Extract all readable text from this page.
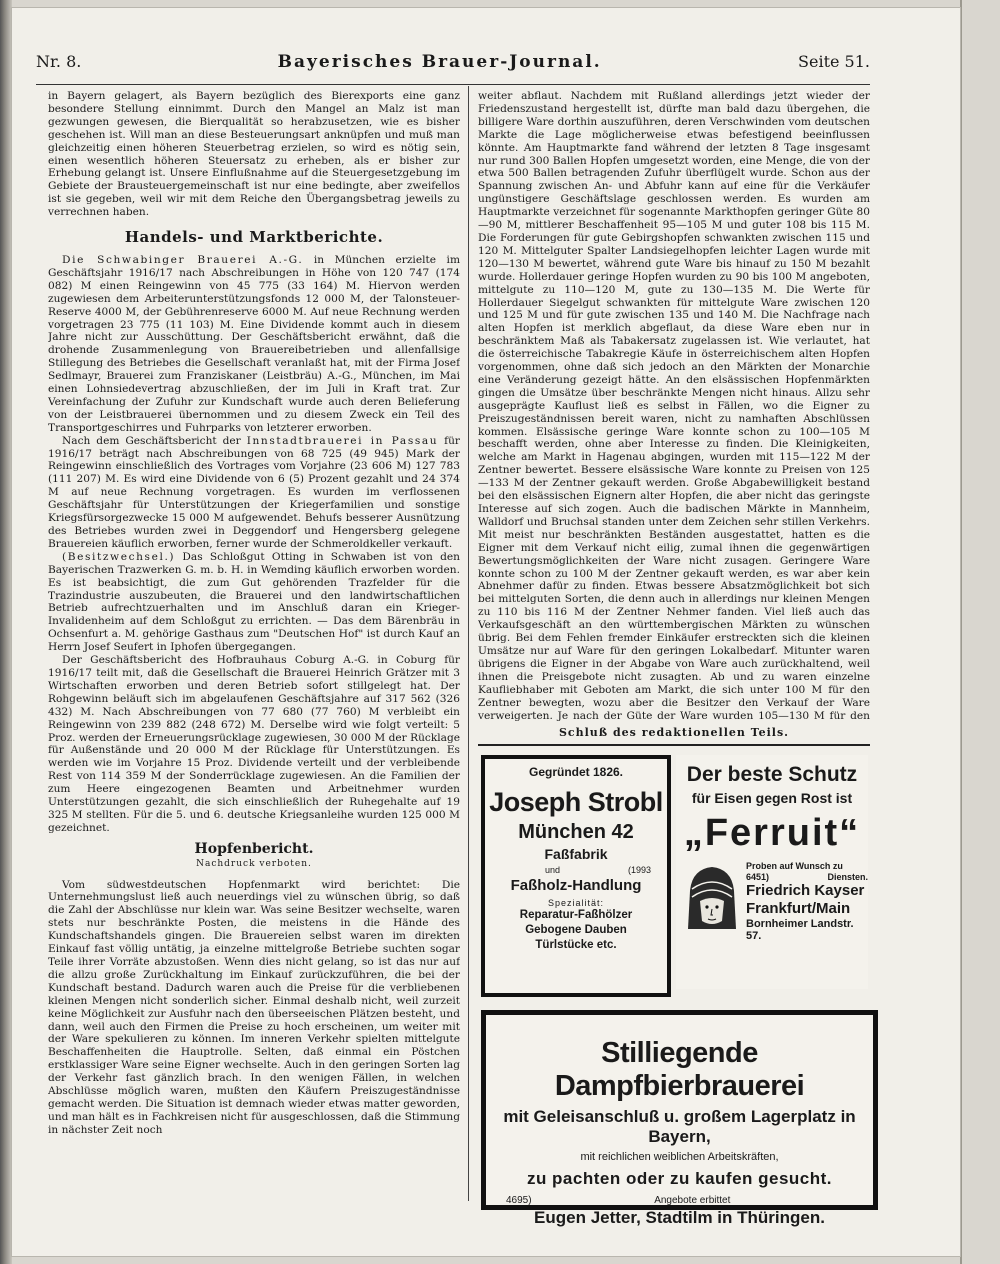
Nr. 8.	Bayerisches Brauer-Journal.	Seite 51.

in Bayern gelagert, als Bayern bezüglich des Bierexports eine ganz besondere Stellung einnimmt. Durch den Mangel an Malz ist man gezwungen gewesen, die Bierqualität so herabzusetzen, wie es bisher geschehen ist. Will man an diese Besteuerungsart anknüpfen und muß man gleichzeitig einen höheren Steuerbetrag erzielen, so wird es nötig sein, einen wesentlich höheren Steuersatz zu erheben, als er bisher zur Erhebung gelangt ist. Unsere Einflußnahme auf die Steuergesetzgebung im Gebiete der Brausteuergemeinschaft ist nur eine bedingte, aber zweifellos ist sie gegeben, weil wir mit dem Reiche den Übergangsbetrag jeweils zu verrechnen haben.

Handels- und Marktberichte.

Die Schwabinger Brauerei A.-G. in München erzielte im Geschäftsjahr 1916/17 nach Abschreibungen in Höhe von 120 747 (174 082) M einen Reingewinn von 45 775 (33 164) M. Hiervon werden zugewiesen dem Arbeiterunterstützungsfonds 12 000 M, der Talonsteuer-Reserve 4000 M, der Gebührenreserve 6000 M. Auf neue Rechnung werden vorgetragen 23 775 (11 103) M. Eine Dividende kommt auch in diesem Jahre nicht zur Ausschüttung. Der Geschäftsbericht erwähnt, daß die drohende Zusammenlegung von Brauereibetrieben und allenfallsige Stillegung des Betriebes die Gesellschaft veranlaßt hat, mit der Firma Josef Sedlmayr, Brauerei zum Franziskaner (Leistbräu) A.-G., München, im Mai einen Lohnsiedevertrag abzuschließen, der im Juli in Kraft trat. Zur Vereinfachung der Zufuhr zur Kundschaft wurde auch deren Belieferung von der Leistbrauerei übernommen und zu diesem Zweck ein Teil des Transportgeschirres und Fuhrparks von letzterer erworben.

Nach dem Geschäftsbericht der Innstadtbrauerei in Passau für 1916/17 beträgt nach Abschreibungen von 68 725 (49 945) Mark der Reingewinn einschließlich des Vortrages vom Vorjahre (23 606 M) 127 783 (111 207) M. Es wird eine Dividende von 6 (5) Prozent gezahlt und 24 374 M auf neue Rechnung vorgetragen. Es wurden im verflossenen Geschäftsjahr für Unterstützungen der Kriegerfamilien und sonstige Kriegsfürsorgezwecke 15 000 M aufgewendet. Behufs besserer Ausnützung des Betriebes wurden zwei in Deggendorf und Hengersberg gelegene Brauereien käuflich erworben, ferner wurde der Schmeroldkeller verkauft.

(Besitzwechsel.) Das Schloßgut Otting in Schwaben ist von den Bayerischen Trazwerken G. m. b. H. in Wemding käuflich erworben worden. Es ist beabsichtigt, die zum Gut gehörenden Trazfelder für die Trazindustrie auszubeuten, die Brauerei und den landwirtschaftlichen Betrieb aufrechtzuerhalten und im Anschluß daran ein Krieger-Invalidenheim auf dem Schloßgut zu errichten. — Das dem Bärenbräu in Ochsenfurt a. M. gehörige Gasthaus zum "Deutschen Hof" ist durch Kauf an Herrn Josef Seufert in Iphofen übergegangen.

Der Geschäftsbericht des Hofbrauhaus Coburg A.-G. in Coburg für 1916/17 teilt mit, daß die Gesellschaft die Brauerei Heinrich Grätzer mit 3 Wirtschaften erworben und deren Betrieb sofort stillgelegt hat. Der Rohgewinn beläuft sich im abgelaufenen Geschäftsjahre auf 317 562 (326 432) M. Nach Abschreibungen von 77 680 (77 760) M verbleibt ein Reingewinn von 239 882 (248 672) M. Derselbe wird wie folgt verteilt: 5 Proz. werden der Erneuerungsrücklage zugewiesen, 30 000 M der Rücklage für Außenstände und 20 000 M der Rücklage für Unterstützungen. Es werden wie im Vorjahre 15 Proz. Dividende verteilt und der verbleibende Rest von 114 359 M der Sonderrücklage zugewiesen. An die Familien der zum Heere eingezogenen Beamten und Arbeitnehmer wurden Unterstützungen gezahlt, die sich einschließlich der Ruhegehalte auf 19 325 M stellten. Für die 5. und 6. deutsche Kriegsanleihe wurden 125 000 M gezeichnet.

Hopfenbericht.
Nachdruck verboten.

Vom südwestdeutschen Hopfenmarkt wird berichtet: Die Unternehmungslust ließ auch neuerdings viel zu wünschen übrig, so daß die Zahl der Abschlüsse nur klein war. Was seine Besitzer wechselte, waren stets nur beschränkte Posten, die meistens in die Hände des Kundschaftshandels gingen. Die Brauereien selbst waren im direkten Einkauf fast völlig untätig, ja einzelne mittelgroße Betriebe suchten sogar Teile ihrer Vorräte abzustoßen. Wenn dies nicht gelang, so ist das nur auf die allzu große Zurückhaltung im Einkauf zurückzuführen, die bei der Kundschaft bestand. Dadurch waren auch die Preise für die verbliebenen kleinen Mengen nicht sonderlich sicher. Einmal deshalb nicht, weil zurzeit keine Möglichkeit zur Ausfuhr nach den überseeischen Plätzen besteht, und dann, weil auch den Firmen die Preise zu hoch erscheinen, um weiter mit der Ware spekulieren zu können. Im inneren Verkehr spielten mittelgute Beschaffenheiten die Hauptrolle. Selten, daß einmal ein Pöstchen erstklassiger Ware seine Eigner wechselte. Auch in den geringen Sorten lag der Verkehr fast gänzlich brach. In den wenigen Fällen, in welchen Abschlüsse möglich waren, mußten den Käufern Preiszugeständnisse gemacht werden. Die Situation ist demnach wieder etwas matter geworden, und man hält es in Fachkreisen nicht für ausgeschlossen, daß die Stimmung in nächster Zeit noch

weiter abflaut. Nachdem mit Rußland allerdings jetzt wieder der Friedenszustand hergestellt ist, dürfte man bald dazu übergehen, die billigere Ware dorthin auszuführen, deren Verschwinden vom deutschen Markte die Lage möglicherweise etwas befestigend beeinflussen könnte. Am Hauptmarkte fand während der letzten 8 Tage insgesamt nur rund 300 Ballen Hopfen umgesetzt worden, eine Menge, die von der etwa 500 Ballen betragenden Zufuhr überflügelt wurde. Schon aus der Spannung zwischen An- und Abfuhr kann auf eine für die Verkäufer ungünstigere Geschäftslage geschlossen werden. Es wurden am Hauptmarkte verzeichnet für sogenannte Markthopfen geringer Güte 80—90 M, mittlerer Beschaffenheit 95—105 M und guter 108 bis 115 M. Die Forderungen für gute Gebirgshopfen schwankten zwischen 115 und 120 M. Mittelguter Spalter Landsiegelhopfen leichter Lagen wurde mit 120—130 M bewertet, während gute Ware bis hinauf zu 150 M bezahlt wurde. Hollerdauer geringe Hopfen wurden zu 90 bis 100 M angeboten, mittelgute zu 110—120 M, gute zu 130—135 M. Die Werte für Hollerdauer Siegelgut schwankten für mittelgute Ware zwischen 120 und 125 M und für gute zwischen 135 und 140 M. Die Nachfrage nach alten Hopfen ist merklich abgeflaut, da diese Ware eben nur in beschränktem Maß als Tabakersatz zugelassen ist. Wie verlautet, hat die österreichische Tabakregie Käufe in österreichischem alten Hopfen vorgenommen, ohne daß sich jedoch an den Märkten der Monarchie eine Veränderung gezeigt hätte. An den elsässischen Hopfenmärkten gingen die Umsätze über beschränkte Mengen nicht hinaus. Allzu sehr ausgeprägte Kauflust ließ es selbst in Fällen, wo die Eigner zu Preiszugeständnissen bereit waren, nicht zu namhaften Abschlüssen kommen. Elsässische geringe Ware konnte schon zu 100—105 M beschafft werden, ohne aber Interesse zu finden. Die Kleinigkeiten, welche am Markt in Hagenau abgingen, wurden mit 115—122 M der Zentner bewertet. Bessere elsässische Ware konnte zu Preisen von 125—133 M der Zentner gekauft werden. Große Abgabewilligkeit bestand bei den elsässischen Eignern alter Hopfen, die aber nicht das geringste Interesse auf sich zogen. Auch die badischen Märkte in Mannheim, Walldorf und Bruchsal standen unter dem Zeichen sehr stillen Verkehrs. Mit meist nur beschränkten Beständen ausgestattet, hatten es die Eigner mit dem Verkauf nicht eilig, zumal ihnen die gegenwärtigen Bewertungsmöglichkeiten der Ware nicht zusagen. Geringere Ware konnte schon zu 100 M der Zentner gekauft werden, es war aber kein Abnehmer dafür zu finden. Etwas bessere Absatzmöglichkeit bot sich bei mittelguten Sorten, die denn auch in allerdings nur kleinen Mengen zu 110 bis 116 M der Zentner Nehmer fanden. Viel ließ auch das Verkaufsgeschäft an den württembergischen Märkten zu wünschen übrig. Bei dem Fehlen fremder Einkäufer erstreckten sich die kleinen Umsätze nur auf Ware für den geringen Lokalbedarf. Mitunter waren übrigens die Eigner in der Abgabe von Ware auch zurückhaltend, weil ihnen die Preisgebote nicht zusagten. Ab und zu waren einzelne Kaufliebhaber mit Geboten am Markt, die sich unter 100 M für den Zentner bewegten, wozu aber die Besitzer den Verkauf der Ware verweigerten. Je nach der Güte der Ware wurden 105—130 M für den

Schluß des redaktionellen Teils.
Gegründet 1826.
Joseph Strobl
München 42
Faßfabrik
und	(1993
Faßholz-Handlung
Spezialität:
Reparatur-Faßhölzer
Gebogene Dauben
Türlstücke etc.
Der beste Schutz
für Eisen gegen Rost ist
„Ferruit“
Proben auf Wunsch zu
6451)	Diensten.
Friedrich Kayser
Frankfurt/Main
Bornheimer Landstr. 57.
Stilliegende Dampfbierbrauerei
mit Geleisanschluß u. großem Lagerplatz in Bayern,
mit reichlichen weiblichen Arbeitskräften,
zu pachten oder zu kaufen gesucht.
4695)	Angebote erbittet
Eugen Jetter, Stadtilm in Thüringen.
